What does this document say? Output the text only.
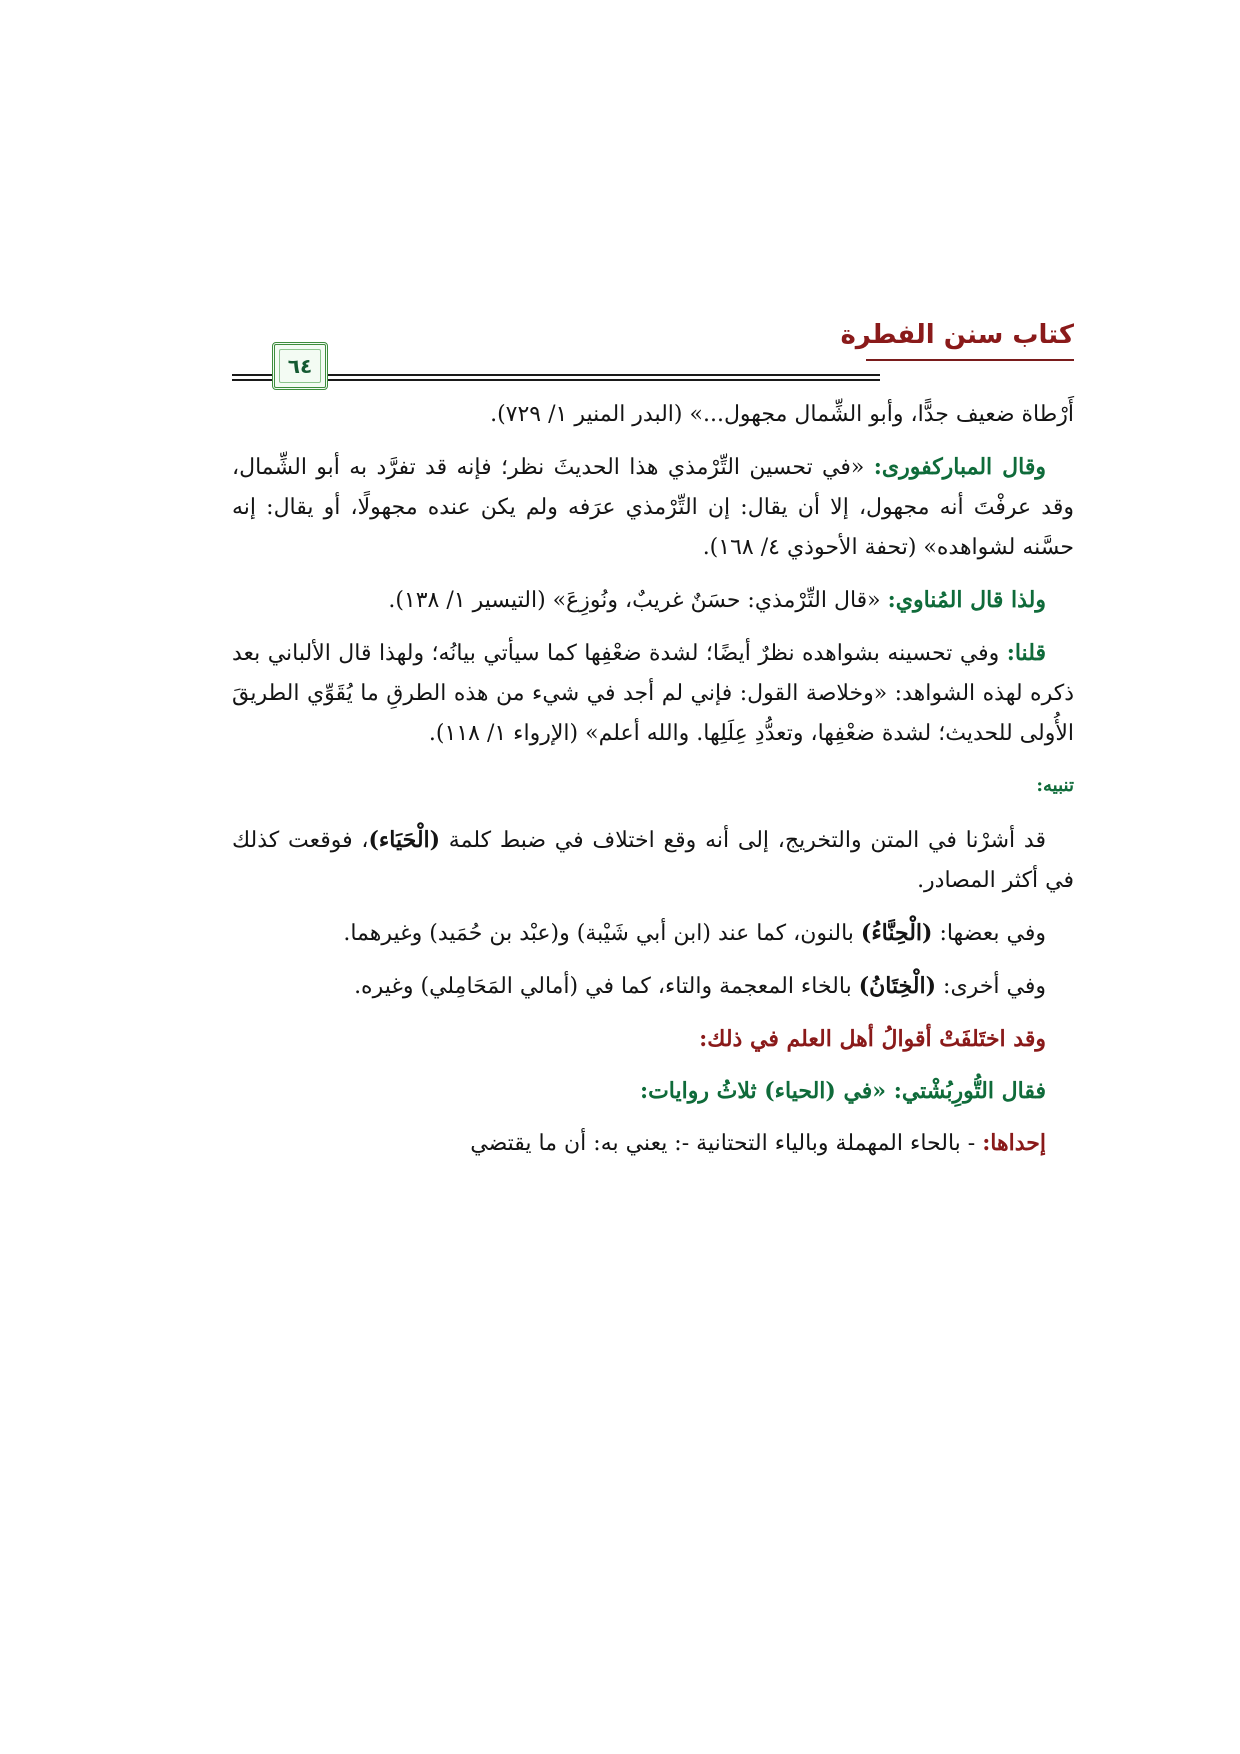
كتاب سنن الفطرة
٦٤

أَرْطاة ضعيف جدًّا، وأبو الشِّمال مجهول...» (البدر المنير ١/ ٧٢٩).

وقال المباركفورى: «في تحسين التِّرْمذي هذا الحديثَ نظر؛ فإنه قد تفرَّد به أبو الشِّمال، وقد عرفْتَ أنه مجهول، إلا أن يقال: إن التِّرْمذي عرَفه ولم يكن عنده مجهولًا، أو يقال: إنه حسَّنه لشواهده» (تحفة الأحوذي ٤/ ١٦٨).

ولذا قال المُناوي: «قال التِّرْمذي: حسَنٌ غريبٌ، ونُوزِعَ» (التيسير ١/ ١٣٨).

قلنا: وفي تحسينه بشواهده نظرٌ أيضًا؛ لشدة ضعْفِها كما سيأتي بيانُه؛ ولهذا قال الألباني بعد ذكره لهذه الشواهد: «وخلاصة القول: فإني لم أجد في شيء من هذه الطرقِ ما يُقَوِّي الطريقَ الأُولى للحديث؛ لشدة ضعْفِها، وتعدُّدِ عِلَلِها. والله أعلم» (الإرواء ١/ ١١٨).

تنبيه:

قد أشرْنا في المتن والتخريج، إلى أنه وقع اختلاف في ضبط كلمة (الْحَيَاء)، فوقعت كذلك في أكثر المصادر.

وفي بعضها: (الْحِنَّاءُ) بالنون، كما عند (ابن أبي شَيْبة) و(عبْد بن حُمَيد) وغيرهما.

وفي أخرى: (الْخِتَانُ) بالخاء المعجمة والتاء، كما في (أمالي المَحَامِلي) وغيره.

وقد اختَلفَتْ أقوالُ أهل العلم في ذلك:

فقال التُّورِبُشْتي: «في (الحياء) ثلاثُ روايات:

إحداها: - بالحاء المهملة وبالياء التحتانية -: يعني به: أن ما يقتضي
